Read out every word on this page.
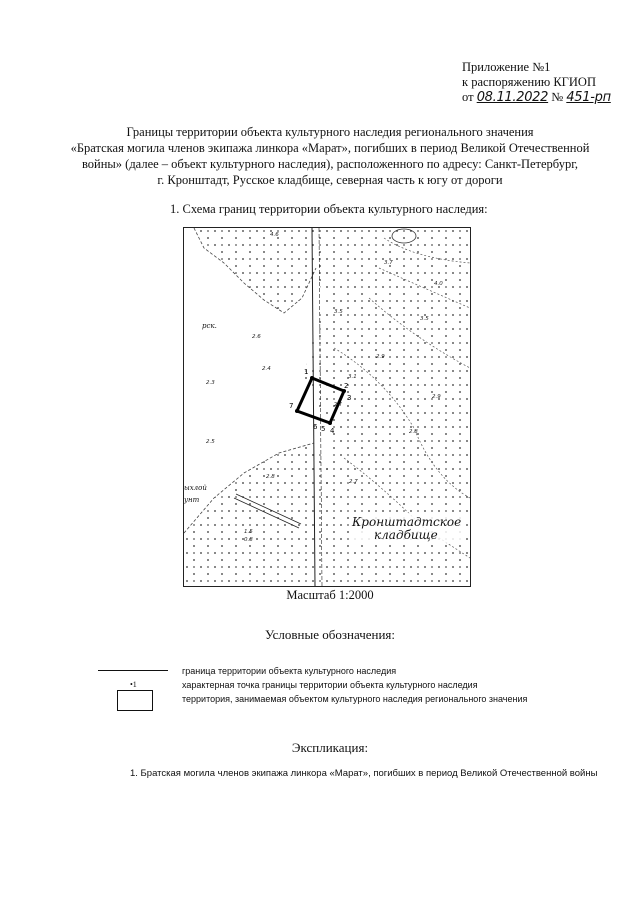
Приложение №1
к распоряжению КГИОП
от 08.11.2022 № 451-рп
Границы территории объекта культурного наследия регионального значения
«Братская могила членов экипажа линкора «Марат», погибших в период Великой Отечественной
войны» (далее – объект культурного наследия), расположенного по адресу: Санкт-Петербург,
г. Кронштадт, Русское кладбище, северная часть к югу от дороги
1. Схема границ территории объекта культурного наследия:
4.6
3.7
4.0
3.5
3.5
2.9
2.6
2.4
2.3
2.5
2.8
2.7
2.8
3.1
2.9
1.5
0.8
1
2
3
4
5
6
7	2.7
рск.
ыхлой
унт
Кронштадтское
кладбище
Масштаб 1:2000
Условные обозначения:
•1
граница территории объекта культурного наследия
характерная точка границы территории объекта культурного наследия
территория, занимаемая объектом культурного наследия регионального значения
Экспликация:
1. Братская могила членов экипажа линкора «Марат», погибших в период Великой Отечественной войны
